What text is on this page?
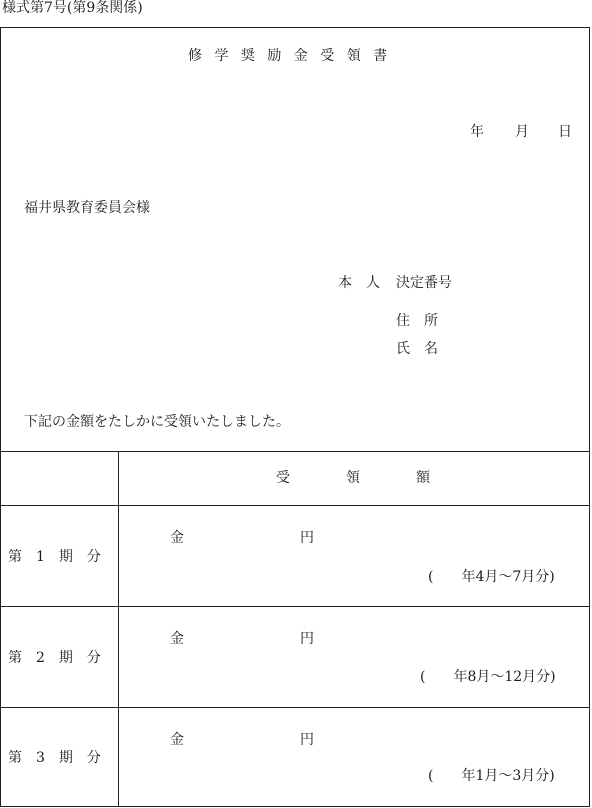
様式第7号(第9条関係)
修 学 奨 励 金 受 領 書
年 月 日
福井県教育委員会様
本　人 決定番号
住　所
氏　名
下記の金額をたしかに受領いたしました。
受　　　　領　　　　額
第　1　期　分
金	円
(　　年4月～7月分)
第　2　期　分
金	円
(　　年8月～12月分)
第　3　期　分
金	円
(　　年1月～3月分)
